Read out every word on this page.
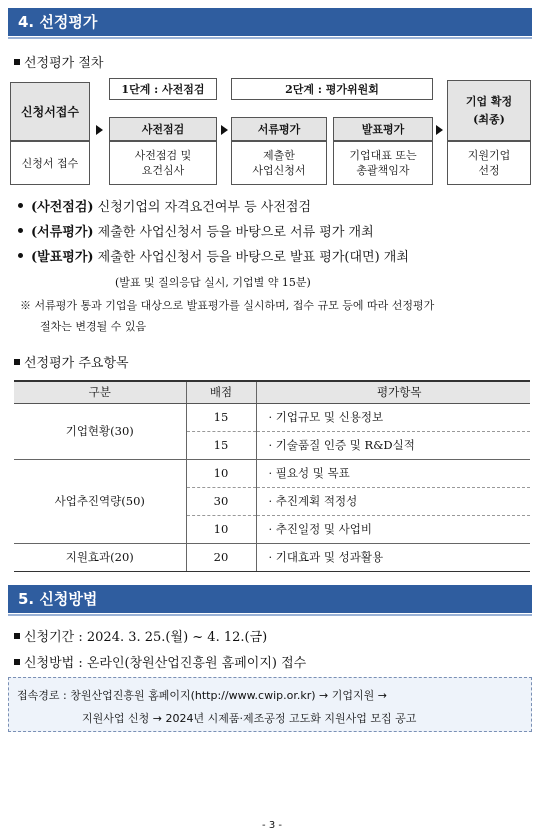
4. 선정평가
선정평가 절차
신청서접수
신청서 접수
1단계 : 사전점검
사전점검
사전점검 및
요건심사
2단계 : 평가위원회
서류평가
제출한
사업신청서
발표평가
기업대표 또는
총괄책임자
기업 확정
(최종)
지원기업
선정
(사전점검) 신청기업의 자격요건여부 등 사전점검
(서류평가) 제출한 사업신청서 등을 바탕으로 서류 평가 개최
(발표평가) 제출한 사업신청서 등을 바탕으로 발표 평가(대면) 개최
(발표 및 질의응답 실시, 기업별 약 15분)
※ 서류평가 통과 기업을 대상으로 발표평가를 실시하며, 접수 규모 등에 따라 선정평가
절차는 변경될 수 있음
선정평가 주요항목
구분	배점	평가항목
기업현황(30)	15	· 기업규모 및 신용정보
	15	· 기술품질 인증 및 R&D실적
사업추진역량(50)	10	· 필요성 및 목표
	30	· 추진계획 적정성
	10	· 추진일정 및 사업비
지원효과(20)	20	· 기대효과 및 성과활용
5. 신청방법
신청기간 : 2024. 3. 25.(월) ~ 4. 12.(금)
신청방법 : 온라인(창원산업진흥원 홈페이지) 접수
접속경로 : 창원산업진흥원 홈페이지(http://www.cwip.or.kr) → 기업지원 →
지원사업 신청 → 2024년 시제품·제조공정 고도화 지원사업 모집 공고
- 3 -
